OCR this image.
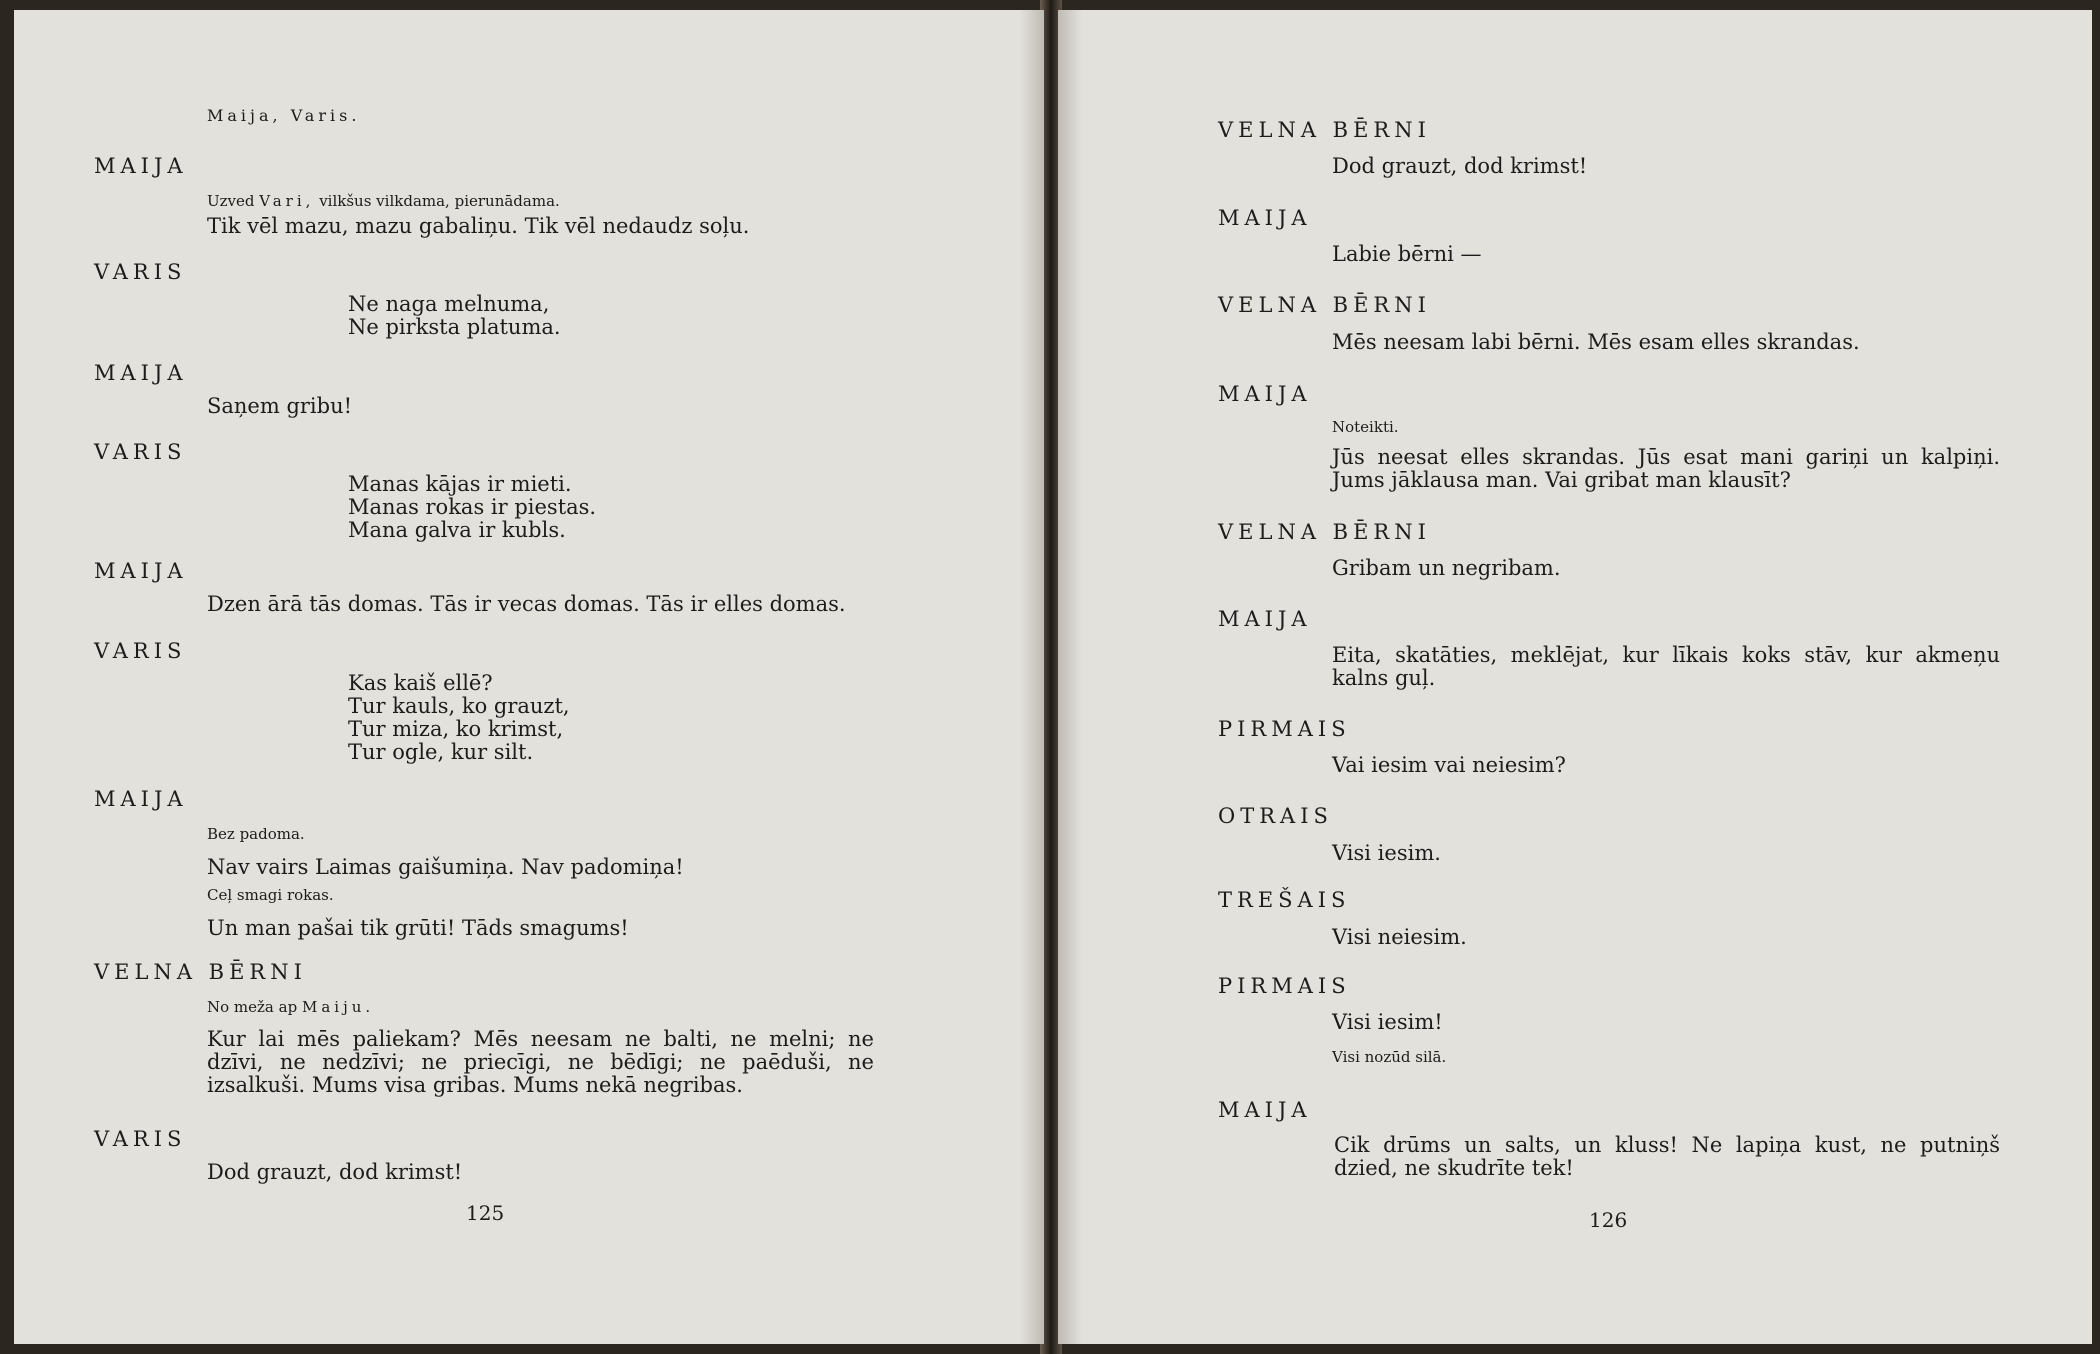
Maija, Varis.
MAIJA
Uzved Vari, vilkšus vilkdama, pierunādama.
Tik vēl mazu, mazu gabaliņu. Tik vēl nedaudz soļu.
VARIS
Ne naga melnuma,
Ne pirksta platuma.
MAIJA
Saņem gribu!
VARIS
Manas kājas ir mieti.
Manas rokas ir piestas.
Mana galva ir kubls.
MAIJA
Dzen ārā tās domas. Tās ir vecas domas. Tās ir elles domas.
VARIS
Kas kaiš ellē?
Tur kauls, ko grauzt,
Tur miza, ko krimst,
Tur ogle, kur silt.
MAIJA
Bez padoma.
Nav vairs Laimas gaišumiņa. Nav padomiņa!
Ceļ smagi rokas.
Un man pašai tik grūti! Tāds smagums!
VELNA BĒRNI
No meža ap Maiju.
Kur lai mēs paliekam? Mēs neesam ne balti, ne melni; ne
dzīvi, ne nedzīvi; ne priecīgi, ne bēdīgi; ne paēduši, ne
izsalkuši. Mums visa gribas. Mums nekā negribas.
VARIS
Dod grauzt, dod krimst!
125
VELNA BĒRNI
Dod grauzt, dod krimst!
MAIJA
Labie bērni —
VELNA BĒRNI
Mēs neesam labi bērni. Mēs esam elles skrandas.
MAIJA
Noteikti.
Jūs neesat elles skrandas. Jūs esat mani gariņi un kalpiņi.
Jums jāklausa man. Vai gribat man klausīt?
VELNA BĒRNI
Gribam un negribam.
MAIJA
Eita, skatāties, meklējat, kur līkais koks stāv, kur akmeņu
kalns guļ.
PIRMAIS
Vai iesim vai neiesim?
OTRAIS
Visi iesim.
TREŠAIS
Visi neiesim.
PIRMAIS
Visi iesim!
Visi nozūd silā.
MAIJA
Cik drūms un salts, un kluss! Ne lapiņa kust, ne putniņš
dzied, ne skudrīte tek!
126
